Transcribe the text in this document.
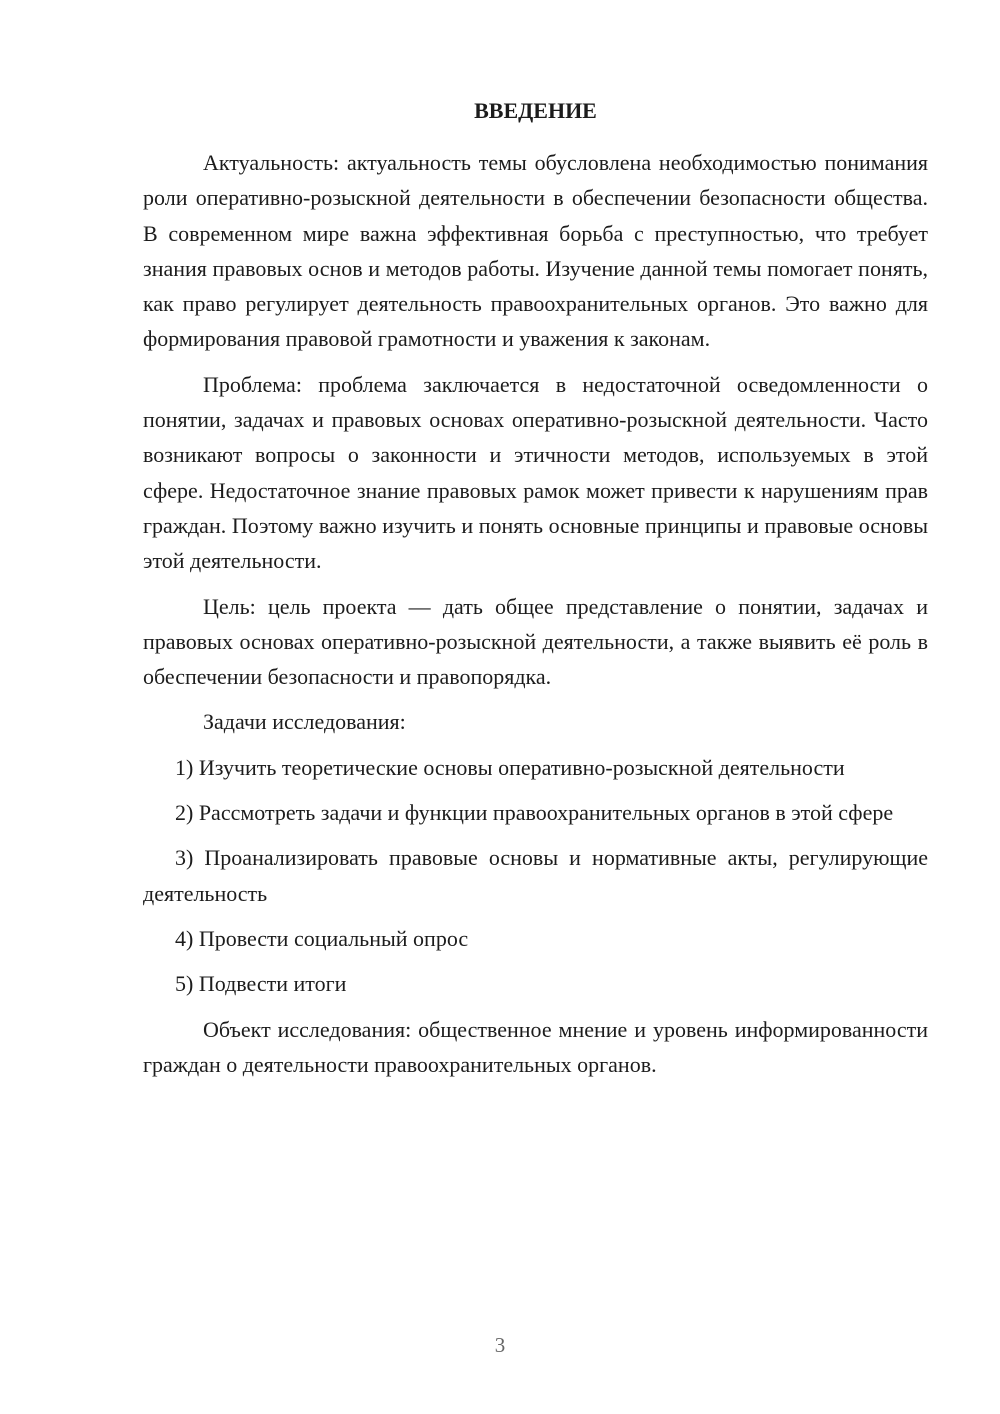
ВВЕДЕНИЕ

Актуальность: актуальность темы обусловлена необходимостью понимания роли оперативно-розыскной деятельности в обеспечении безопасности общества. В современном мире важна эффективная борьба с преступностью, что требует знания правовых основ и методов работы. Изучение данной темы помогает понять, как право регулирует деятельность правоохранительных органов. Это важно для формирования правовой грамотности и уважения к законам.

Проблема: проблема заключается в недостаточной осведомленности о понятии, задачах и правовых основах оперативно-розыскной деятельности. Часто возникают вопросы о законности и этичности методов, используемых в этой сфере. Недостаточное знание правовых рамок может привести к нарушениям прав граждан. Поэтому важно изучить и понять основные принципы и правовые основы этой деятельности.

Цель: цель проекта — дать общее представление о понятии, задачах и правовых основах оперативно-розыскной деятельности, а также выявить её роль в обеспечении безопасности и правопорядка.

Задачи исследования:

1) Изучить теоретические основы оперативно-розыскной деятельности

2) Рассмотреть задачи и функции правоохранительных органов в этой сфере

3) Проанализировать правовые основы и нормативные акты, регулирующие деятельность

4) Провести социальный опрос

5) Подвести итоги

Объект исследования: общественное мнение и уровень информированности граждан о деятельности правоохранительных органов.

3
